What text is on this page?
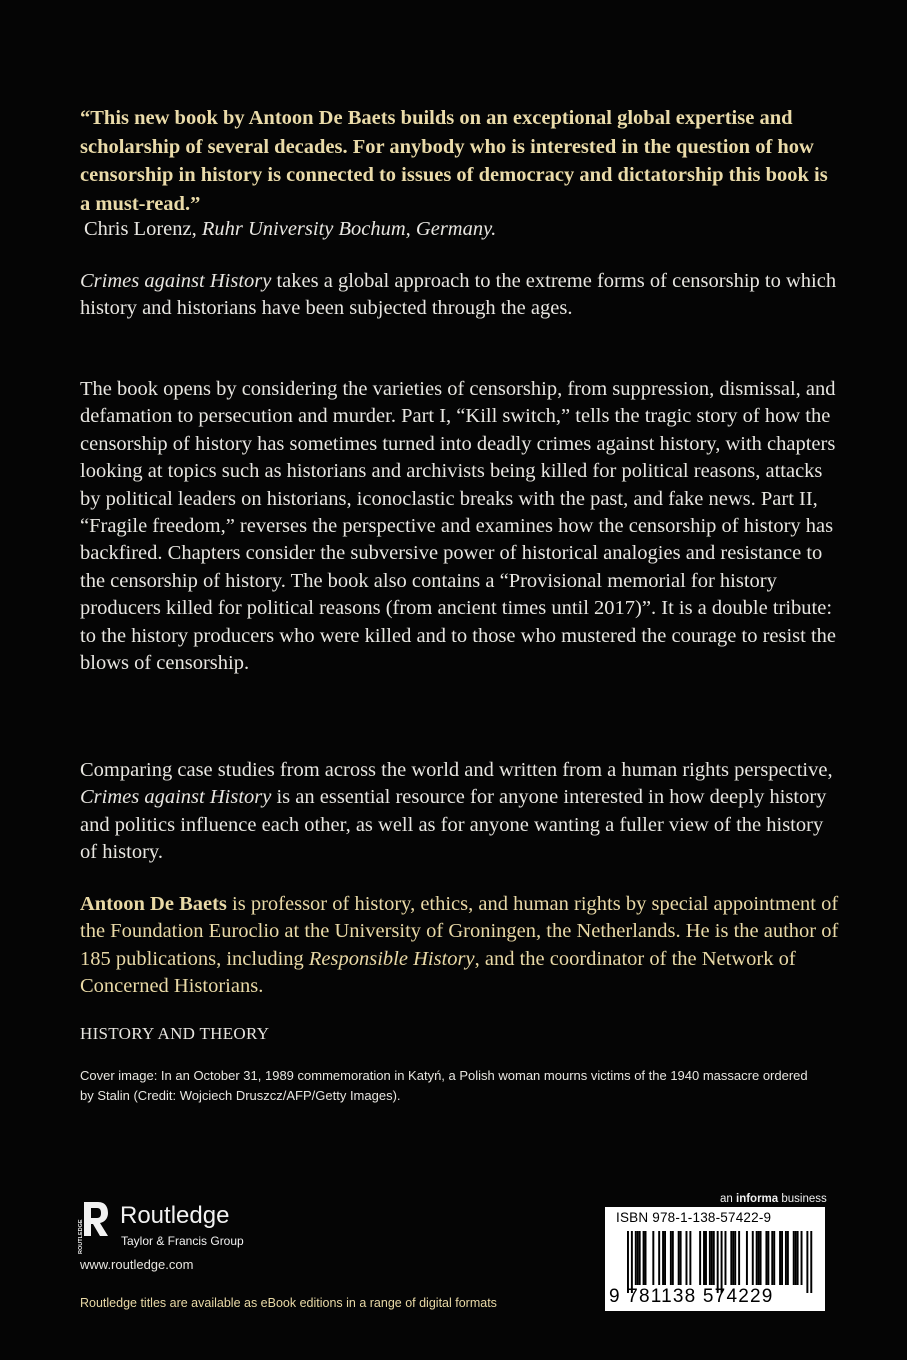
“This new book by Antoon De Baets builds on an exceptional global expertise and scholarship of several decades. For anybody who is interested in the question of how censorship in history is connected to issues of democracy and dictatorship this book is a must-read.”
Chris Lorenz, Ruhr University Bochum, Germany.

Crimes against History takes a global approach to the extreme forms of censorship to which history and historians have been subjected through the ages.

The book opens by considering the varieties of censorship, from suppression, dismissal, and defamation to persecution and murder. Part I, “Kill switch,” tells the tragic story of how the censorship of history has sometimes turned into deadly crimes against history, with chapters looking at topics such as historians and archivists being killed for political reasons, attacks by political leaders on historians, iconoclastic breaks with the past, and fake news. Part II, “Fragile freedom,” reverses the perspective and examines how the censorship of history has backfired. Chapters consider the subversive power of historical analogies and resistance to the censorship of history. The book also contains a “Provisional memorial for history producers killed for political reasons (from ancient times until 2017)”. It is a double tribute: to the history producers who were killed and to those who mustered the courage to resist the blows of censorship.

Comparing case studies from across the world and written from a human rights perspective, Crimes against History is an essential resource for anyone interested in how deeply history and politics influence each other, as well as for anyone wanting a fuller view of the history of history.

Antoon De Baets is professor of history, ethics, and human rights by special appointment of the Foundation Euroclio at the University of Groningen, the Netherlands. He is the author of 185 publications, including Responsible History, and the coordinator of the Network of Concerned Historians.

HISTORY AND THEORY
Cover image: In an October 31, 1989 commemoration in Katyń, a Polish woman mourns victims of the 1940 massacre ordered by Stalin (Credit: Wojciech Druszcz/AFP/Getty Images).
ROUTLEDGE
Routledge
Taylor & Francis Group
www.routledge.com
Routledge titles are available as eBook editions in a range of digital formats
an informa business
ISBN 978-1-138-57422-9
9 781138 574229
